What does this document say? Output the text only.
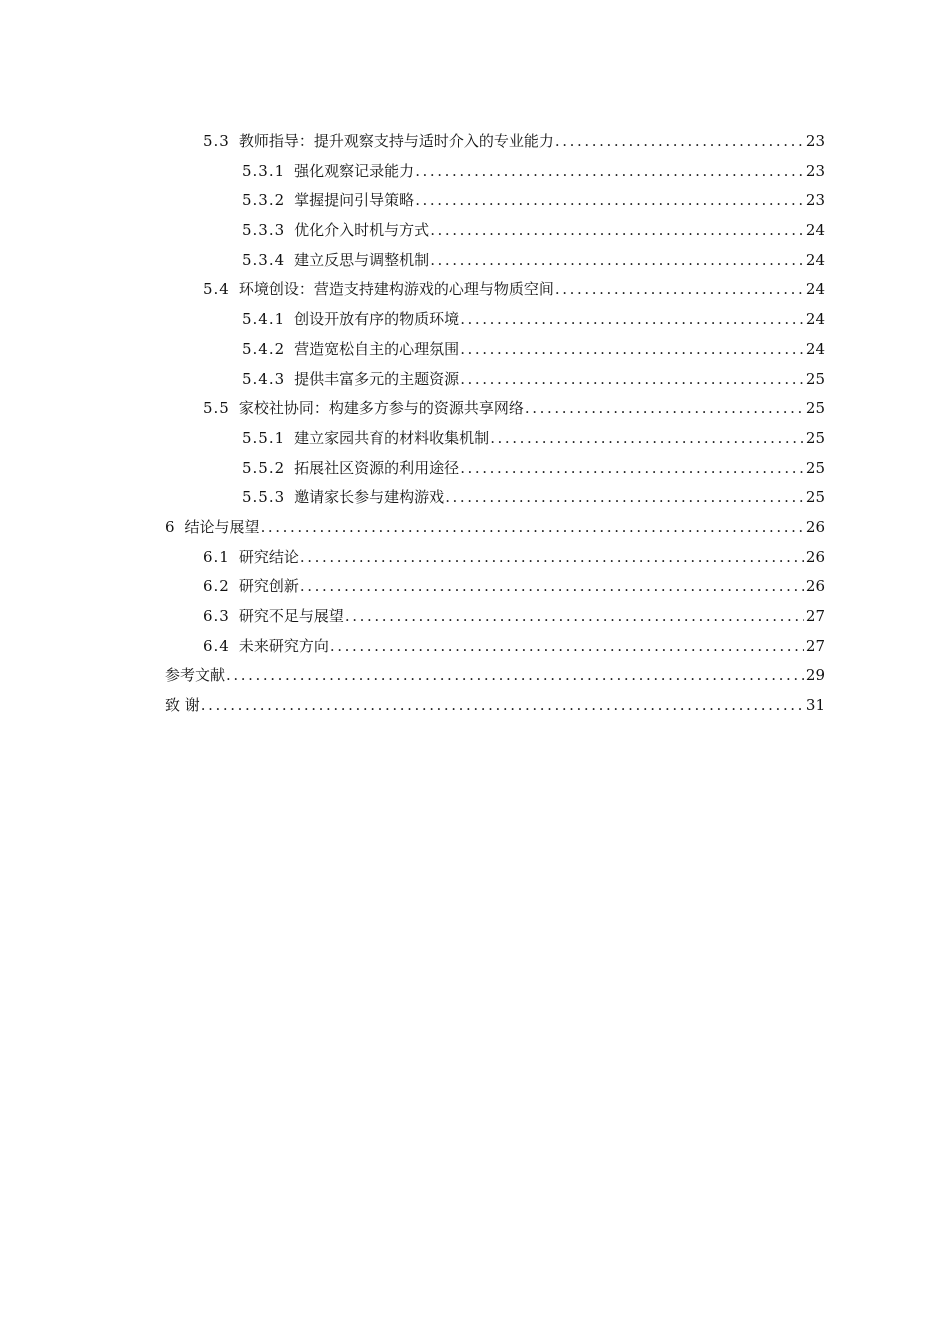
5.3 教师指导：提升观察支持与适时介入的专业能力 .....	23
5.3.1 强化观察记录能力 .....	23
5.3.2 掌握提问引导策略 .....	23
5.3.3 优化介入时机与方式 .....	24
5.3.4 建立反思与调整机制 .....	24
5.4 环境创设：营造支持建构游戏的心理与物质空间 .....	24
5.4.1 创设开放有序的物质环境 .....	24
5.4.2 营造宽松自主的心理氛围 .....	24
5.4.3 提供丰富多元的主题资源 .....	25
5.5 家校社协同：构建多方参与的资源共享网络 .....	25
5.5.1 建立家园共育的材料收集机制 .....	25
5.5.2 拓展社区资源的利用途径 .....	25
5.5.3 邀请家长参与建构游戏 .....	25
6 结论与展望 .....	26
6.1 研究结论 .....	26
6.2 研究创新 .....	26
6.3 研究不足与展望 .....	27
6.4 未来研究方向 .....	27
参考文献 .....	29
致 谢 .....	31
